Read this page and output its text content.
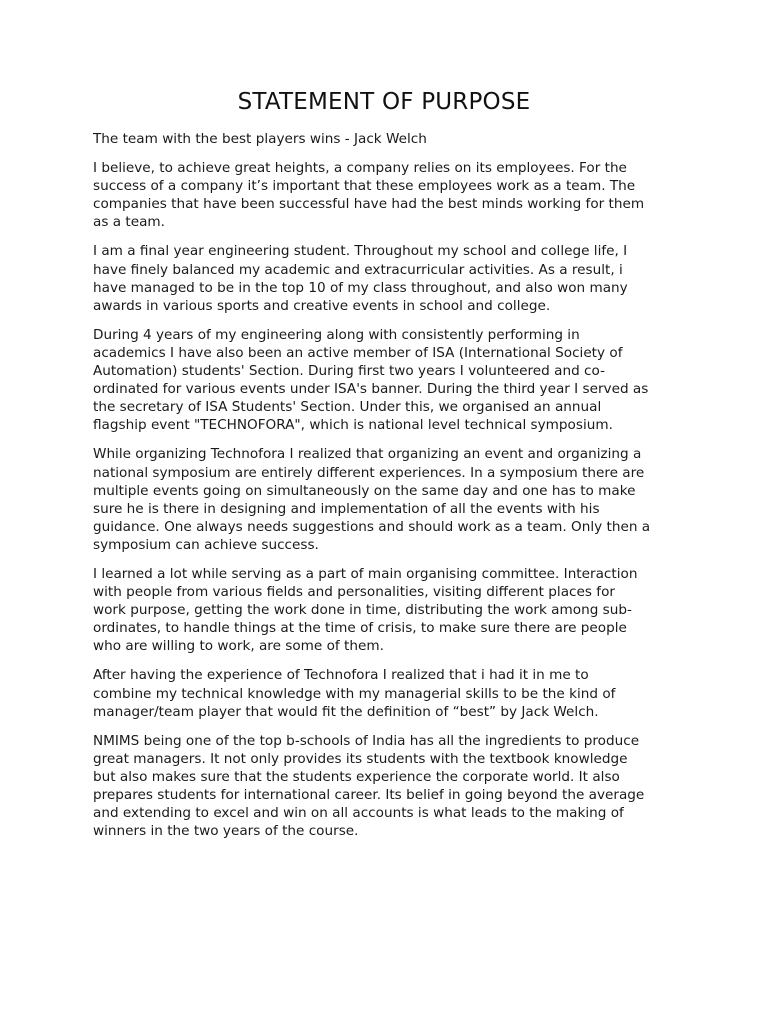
STATEMENT OF PURPOSE

The team with the best players wins - Jack Welch

I believe, to achieve great heights, a company relies on its employees. For the
success of a company it’s important that these employees work as a team. The
companies that have been successful have had the best minds working for them
as a team.

I am a final year engineering student. Throughout my school and college life, I
have finely balanced my academic and extracurricular activities. As a result, i
have managed to be in the top 10 of my class throughout, and also won many
awards in various sports and creative events in school and college.

During 4 years of my engineering along with consistently performing in
academics I have also been an active member of ISA (International Society of
Automation) students' Section. During first two years I volunteered and co-
ordinated for various events under ISA's banner. During the third year I served as
the secretary of ISA Students' Section. Under this, we organised an annual
flagship event "TECHNOFORA", which is national level technical symposium.

While organizing Technofora I realized that organizing an event and organizing a
national symposium are entirely different experiences. In a symposium there are
multiple events going on simultaneously on the same day and one has to make
sure he is there in designing and implementation of all the events with his
guidance. One always needs suggestions and should work as a team. Only then a
symposium can achieve success.

I learned a lot while serving as a part of main organising committee. Interaction
with people from various fields and personalities, visiting different places for
work purpose, getting the work done in time, distributing the work among sub-
ordinates, to handle things at the time of crisis, to make sure there are people
who are willing to work, are some of them.

After having the experience of Technofora I realized that i had it in me to
combine my technical knowledge with my managerial skills to be the kind of
manager/team player that would fit the definition of “best” by Jack Welch.

NMIMS being one of the top b-schools of India has all the ingredients to produce
great managers. It not only provides its students with the textbook knowledge
but also makes sure that the students experience the corporate world. It also
prepares students for international career. Its belief in going beyond the average
and extending to excel and win on all accounts is what leads to the making of
winners in the two years of the course.
